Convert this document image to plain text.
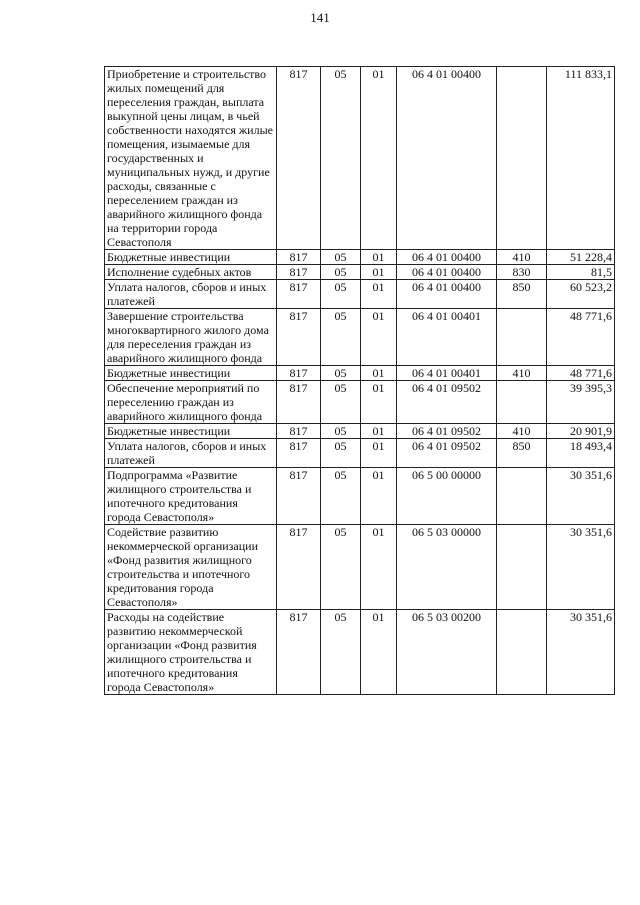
141
Приобретение и строительство жилых помещений для переселения граждан, выплата выкупной цены лицам, в чьей собственности находятся жилые помещения, изымаемые для государственных и муниципальных нужд, и другие расходы, связанные с переселением граждан из аварийного жилищного фонда на территории города Севастополя	817	05	01	06 4 01 00400		111 833,1
Бюджетные инвестиции	817	05	01	06 4 01 00400	410	51 228,4
Исполнение судебных актов	817	05	01	06 4 01 00400	830	81,5
Уплата налогов, сборов и иных платежей	817	05	01	06 4 01 00400	850	60 523,2
Завершение строительства многоквартирного жилого дома для переселения граждан из аварийного жилищного фонда	817	05	01	06 4 01 00401		48 771,6
Бюджетные инвестиции	817	05	01	06 4 01 00401	410	48 771,6
Обеспечение мероприятий по переселению граждан из аварийного жилищного фонда	817	05	01	06 4 01 09502		39 395,3
Бюджетные инвестиции	817	05	01	06 4 01 09502	410	20 901,9
Уплата налогов, сборов и иных платежей	817	05	01	06 4 01 09502	850	18 493,4
Подпрограмма «Развитие жилищного строительства и ипотечного кредитования города Севастополя»	817	05	01	06 5 00 00000		30 351,6
Содействие развитию некоммерческой организации «Фонд развития жилищного строительства и ипотечного кредитования города Севастополя»	817	05	01	06 5 03 00000		30 351,6
Расходы на содействие развитию некоммерческой организации «Фонд развития жилищного строительства и ипотечного кредитования города Севастополя»	817	05	01	06 5 03 00200		30 351,6
